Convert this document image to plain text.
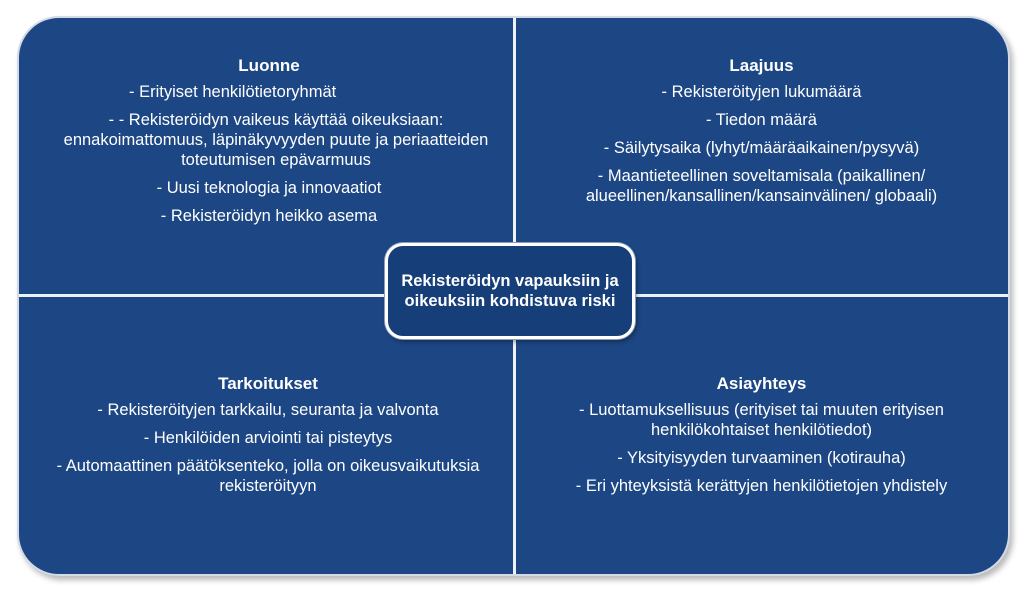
Luonne
- Erityiset henkilötietoryhmät
- - Rekisteröidyn vaikeus käyttää oikeuksiaan: ennakoimattomuus, läpinäkyvyyden puute ja periaatteiden toteutumisen epävarmuus
- Uusi teknologia ja innovaatiot
- Rekisteröidyn heikko asema
Laajuus
- Rekisteröityjen lukumäärä
- Tiedon määrä
- Säilytysaika (lyhyt/määräaikainen/pysyvä)
- Maantieteellinen soveltamisala (paikallinen/ alueellinen/kansallinen/kansainvälinen/ globaali)
Tarkoitukset
- Rekisteröityjen tarkkailu, seuranta ja valvonta
- Henkilöiden arviointi tai pisteytys
- Automaattinen päätöksenteko, jolla on oikeusvaikutuksia rekisteröityyn
Asiayhteys
- Luottamuksellisuus (erityiset tai muuten erityisen henkilökohtaiset henkilötiedot)
- Yksityisyyden turvaaminen (kotirauha)
- Eri yhteyksistä kerättyjen henkilötietojen yhdistely
Rekisteröidyn vapauksiin ja oikeuksiin kohdistuva riski
